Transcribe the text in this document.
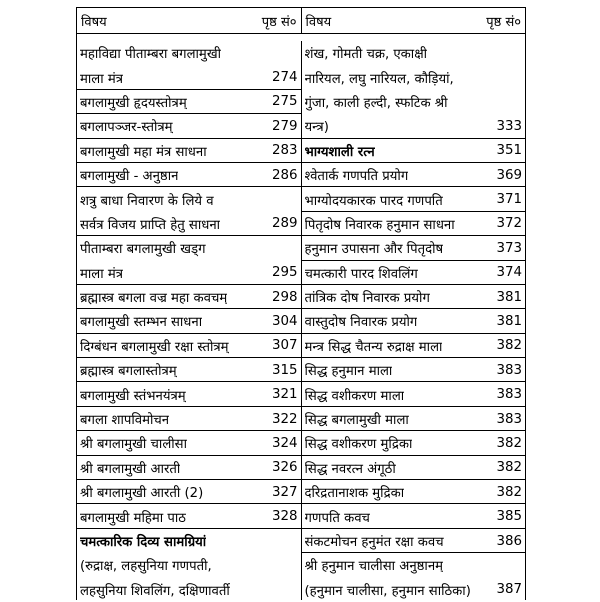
विषय	पृष्ठ सं० विषय	पृष्ठ सं०
महाविद्या पीताम्बरा बगलामुखी
माला मंत्र	274
बगलामुखी हृदयस्तोत्रम्	275
बगलापञ्जर-स्तोत्रम्	279
बगलामुखी महा मंत्र साधना	283
बगलामुखी - अनुष्ठान	286
शत्रु बाधा निवारण के लिये व
सर्वत्र विजय प्राप्ति हेतु साधना	289
पीताम्बरा बगलामुखी खड्ग
माला मंत्र	295
ब्रह्मास्त्र बगला वज्र महा कवचम्	298
बगलामुखी स्तम्भन साधना	304
दिग्बंधन बगलामुखी रक्षा स्तोत्रम्	307
ब्रह्मास्त्र बगलास्तोत्रम्	315
बगलामुखी स्तंभनयंत्रम्	321
बगला शापविमोचन	322
श्री बगलामुखी चालीसा	324
श्री बगलामुखी आरती	326
श्री बगलामुखी आरती (2)	327
बगलामुखी महिमा पाठ	328
चमत्कारिक दिव्य सामग्रियां
(रुद्राक्ष, लहसुनिया गणपती,
लहसुनिया शिवलिंग, दक्षिणावर्ती
शंख, गोमती चक्र, एकाक्षी
नारियल, लघु नारियल, कौड़ियां,
गुंजा, काली हल्दी, स्फटिक श्री
यन्त्र)	333
भाग्यशाली रत्न	351
श्वेतार्क गणपति प्रयोग	369
भाग्योदयकारक पारद गणपति	371
पितृदोष निवारक हनुमान साधना	372
हनुमान उपासना और पितृदोष	373
चमत्कारी पारद शिवलिंग	374
तांत्रिक दोष निवारक प्रयोग	381
वास्तुदोष निवारक प्रयोग	381
मन्त्र सिद्ध चैतन्य रुद्राक्ष माला	382
सिद्ध हनुमान माला	383
सिद्ध वशीकरण माला	383
सिद्ध बगलामुखी माला	383
सिद्ध वशीकरण मुद्रिका	382
सिद्ध नवरत्न अंगूठी	382
दरिद्रतानाशक मुद्रिका	382
गणपति कवच	385
संकटमोचन हनुमंत रक्षा कवच	386
श्री हनुमान चालीसा अनुष्ठानम्
(हनुमान चालीसा, हनुमान साठिका) 387
